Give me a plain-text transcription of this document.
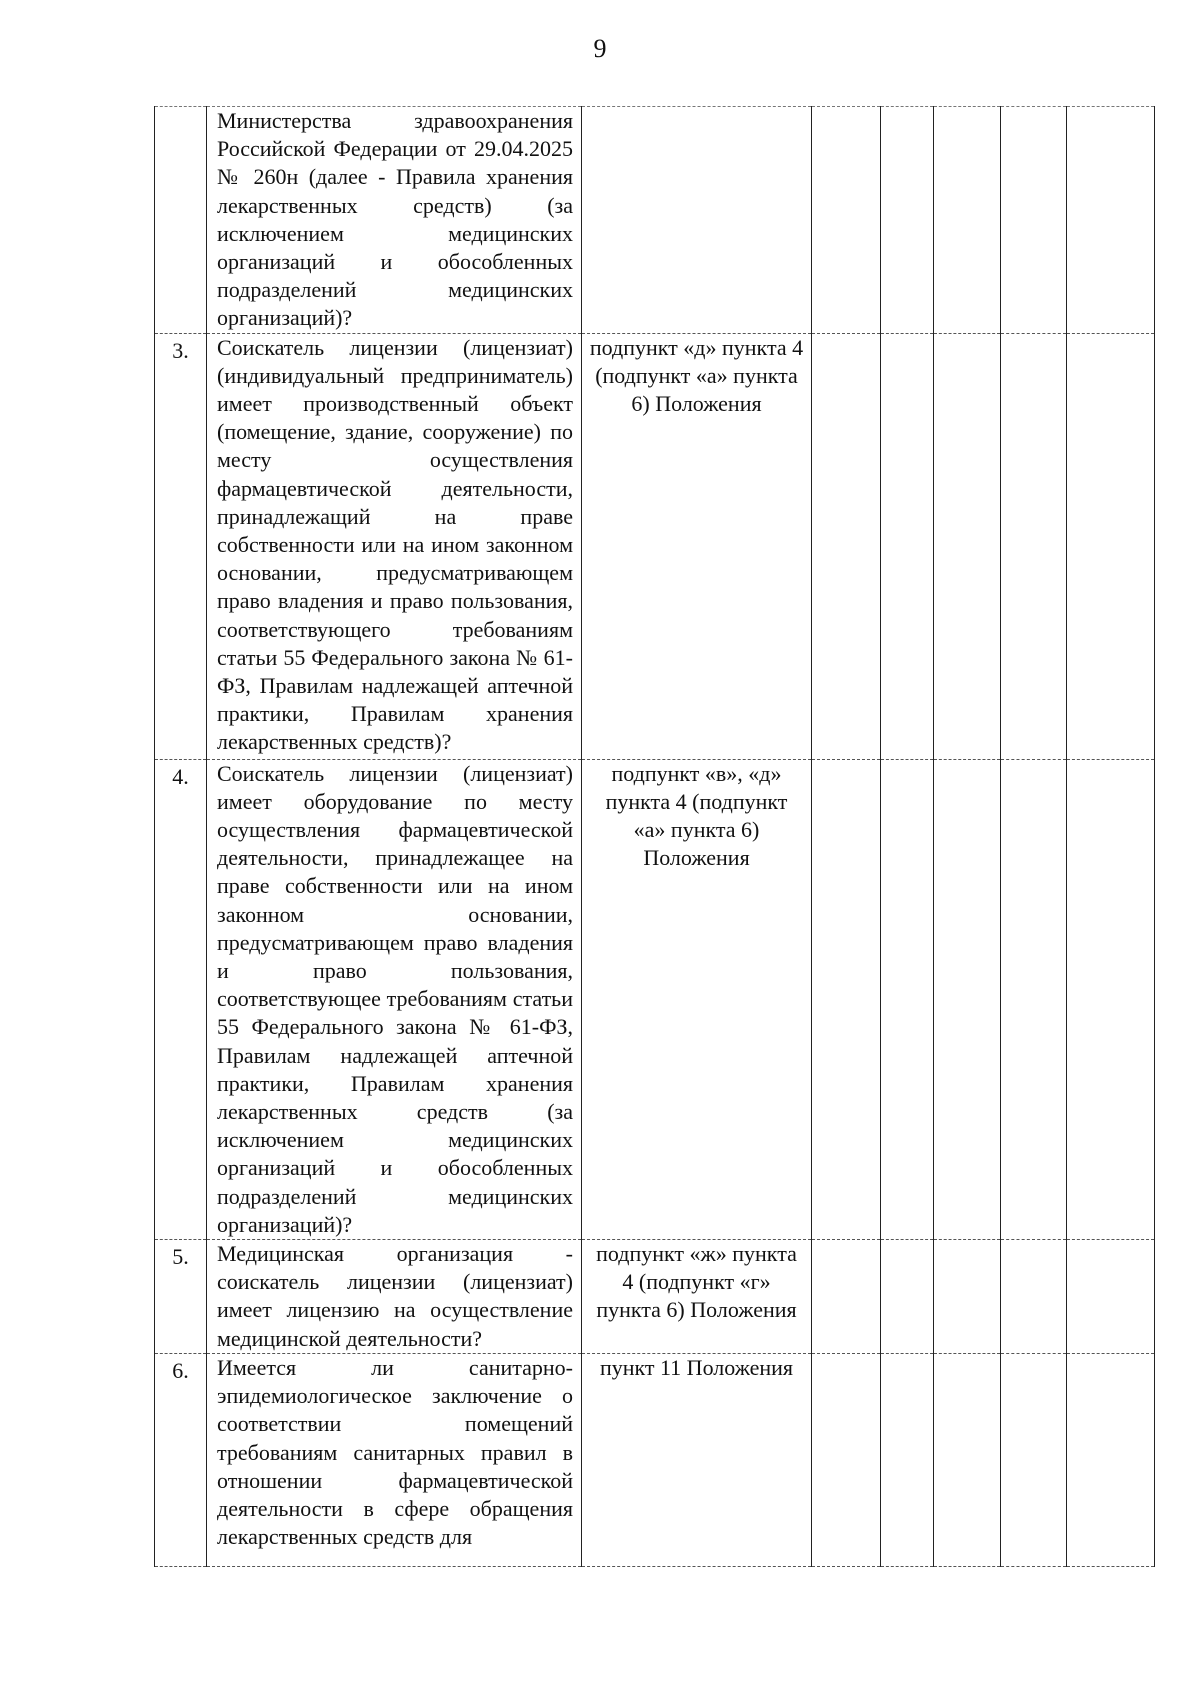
9

	Министерства здравоохранения Российской Федерации от 29.04.2025 № 260н (далее - Правила хранения лекарственных средств) (за исключением медицинских организаций и обособленных подразделений медицинских организаций)?						

3.	Соискатель лицензии (лицензиат) (индивидуальный предприниматель) имеет производственный объект (помещение, здание, сооружение) по месту осуществления фармацевтической деятельности, принадлежащий на праве собственности или на ином законном основании, предусматривающем право владения и право пользования, соответствующего требованиям статьи 55 Федерального закона № 61-ФЗ, Правилам надлежащей аптечной практики, Правилам хранения лекарственных средств)?	подпункт «д» пункта 4 (подпункт «а» пункта 6) Положения					
4.	Соискатель лицензии (лицензиат) имеет оборудование по месту осуществления фармацевтической деятельности, принадлежащее на праве собственности или на ином законном основании, предусматривающем право владения и право пользования, соответствующее требованиям статьи 55 Федерального закона № 61-ФЗ, Правилам надлежащей аптечной практики, Правилам хранения лекарственных средств (за исключением медицинских организаций и обособленных подразделений медицинских организаций)?	подпункт «в», «д» пункта 4 (подпункт «а» пункта 6) Положения					
5.	Медицинская организация - соискатель лицензии (лицензиат) имеет лицензию на осуществление медицинской деятельности?	подпункт «ж» пункта 4 (подпункт «г» пункта 6) Положения					
6.	Имеется ли санитарно-эпидемиологическое заключение о соответствии помещений требованиям санитарных правил в отношении фармацевтической деятельности в сфере обращения лекарственных средств для	пункт 11 Положения					
